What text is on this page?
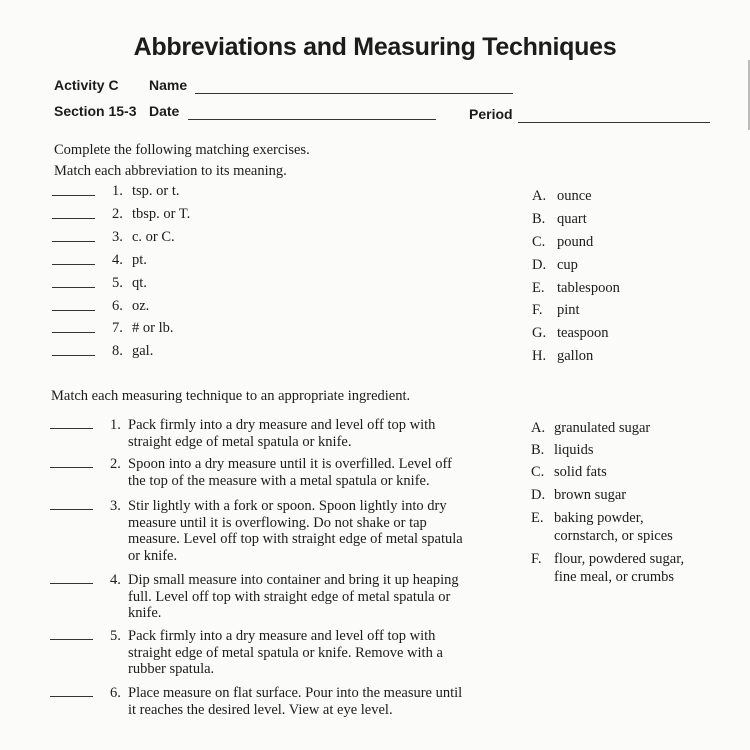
Abbreviations and Measuring Techniques
Activity C Name
Section 15-3 Date	Period
Complete the following matching exercises.
Match each abbreviation to its meaning.
Match each measuring technique to an appropriate ingredient.
1. tsp. or t.
2. tbsp. or T.
3. c. or C.
4. pt.
5. qt.
6. oz.
7. # or lb.
8. gal.
A. ounce
B. quart
C. pound
D. cup
E. tablespoon
F. pint
G. teaspoon
H. gallon
1. Pack firmly into a dry measure and level off top with
straight edge of metal spatula or knife.
2. Spoon into a dry measure until it is overfilled. Level off
the top of the measure with a metal spatula or knife.
3. Stir lightly with a fork or spoon. Spoon lightly into dry
measure until it is overflowing. Do not shake or tap
measure. Level off top with straight edge of metal spatula
or knife.
4. Dip small measure into container and bring it up heaping
full. Level off top with straight edge of metal spatula or
knife.
5. Pack firmly into a dry measure and level off top with
straight edge of metal spatula or knife. Remove with a
rubber spatula.
6. Place measure on flat surface. Pour into the measure until
it reaches the desired level. View at eye level.
A. granulated sugar
B. liquids
C. solid fats
D. brown sugar
E. baking powder,
cornstarch, or spices
F. flour, powdered sugar,
fine meal, or crumbs
